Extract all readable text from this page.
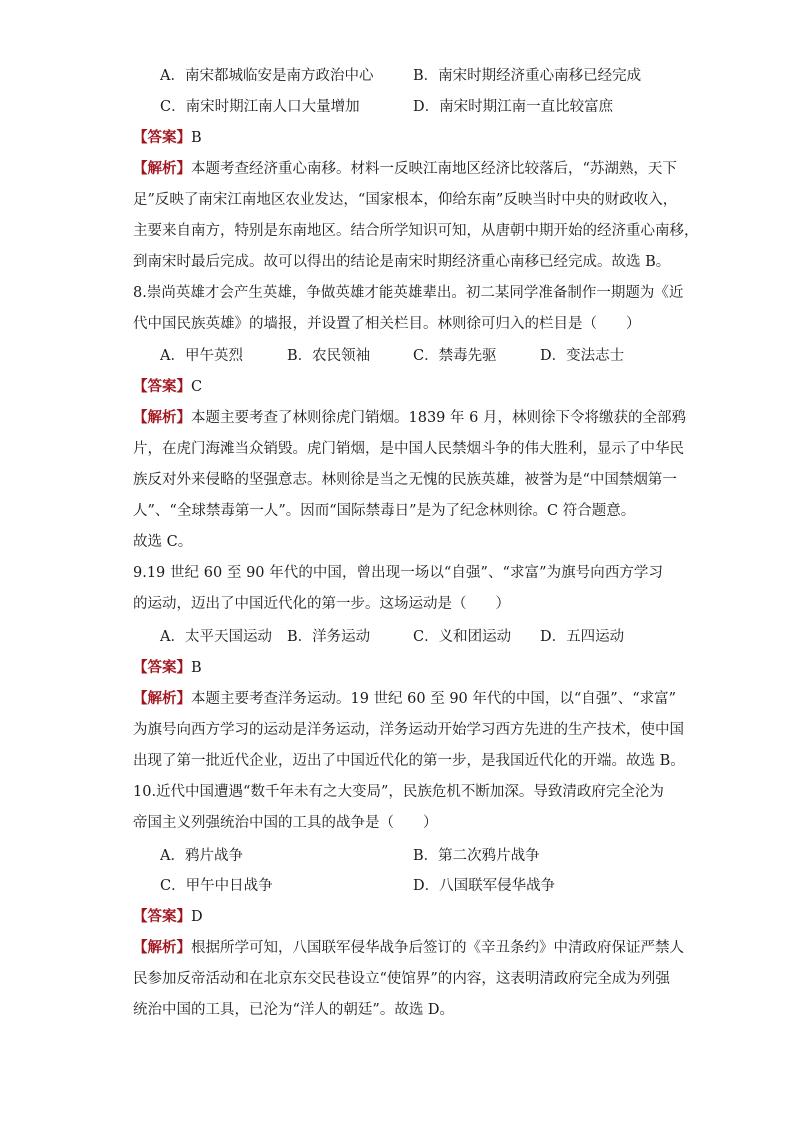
A．南宋都城临安是南方政治中心	B．南宋时期经济重心南移已经完成
C．南宋时期江南人口大量增加	D．南宋时期江南一直比较富庶
【答案】B
【解析】本题考查经济重心南移。材料一反映江南地区经济比较落后，“苏湖熟，天下
足”反映了南宋江南地区农业发达，“国家根本，仰给东南”反映当时中央的财政收入，
主要来自南方，特别是东南地区。结合所学知识可知，从唐朝中期开始的经济重心南移，
到南宋时最后完成。故可以得出的结论是南宋时期经济重心南移已经完成。故选 B。
8.崇尚英雄才会产生英雄，争做英雄才能英雄辈出。初二某同学准备制作一期题为《近
代中国民族英雄》的墙报，并设置了相关栏目。林则徐可归入的栏目是（　　）
A．甲午英烈	B．农民领袖	C．禁毒先驱	D．变法志士
【答案】C
【解析】本题主要考查了林则徐虎门销烟。1839 年 6 月，林则徐下令将缴获的全部鸦
片，在虎门海滩当众销毁。虎门销烟，是中国人民禁烟斗争的伟大胜利，显示了中华民
族反对外来侵略的坚强意志。林则徐是当之无愧的民族英雄，被誉为是“中国禁烟第一
人”、“全球禁毒第一人”。因而“国际禁毒日”是为了纪念林则徐。C 符合题意。
故选 C。
9.19 世纪 60 至 90 年代的中国，曾出现一场以“自强”、“求富”为旗号向西方学习
的运动，迈出了中国近代化的第一步。这场运动是（　　）
A．太平天国运动 B．洋务运动	C．义和团运动 D．五四运动
【答案】B
【解析】本题主要考查洋务运动。19 世纪 60 至 90 年代的中国，以“自强”、“求富”
为旗号向西方学习的运动是洋务运动，洋务运动开始学习西方先进的生产技术，使中国
出现了第一批近代企业，迈出了中国近代化的第一步，是我国近代化的开端。故选 B。
10.近代中国遭遇“数千年未有之大变局”，民族危机不断加深。导致清政府完全沦为
帝国主义列强统治中国的工具的战争是（　　）
A．鸦片战争	B．第二次鸦片战争
C．甲午中日战争	D．八国联军侵华战争
【答案】D
【解析】根据所学可知，八国联军侵华战争后签订的《辛丑条约》中清政府保证严禁人
民参加反帝活动和在北京东交民巷设立“使馆界”的内容，这表明清政府完全成为列强
统治中国的工具，已沦为“洋人的朝廷”。故选 D。
